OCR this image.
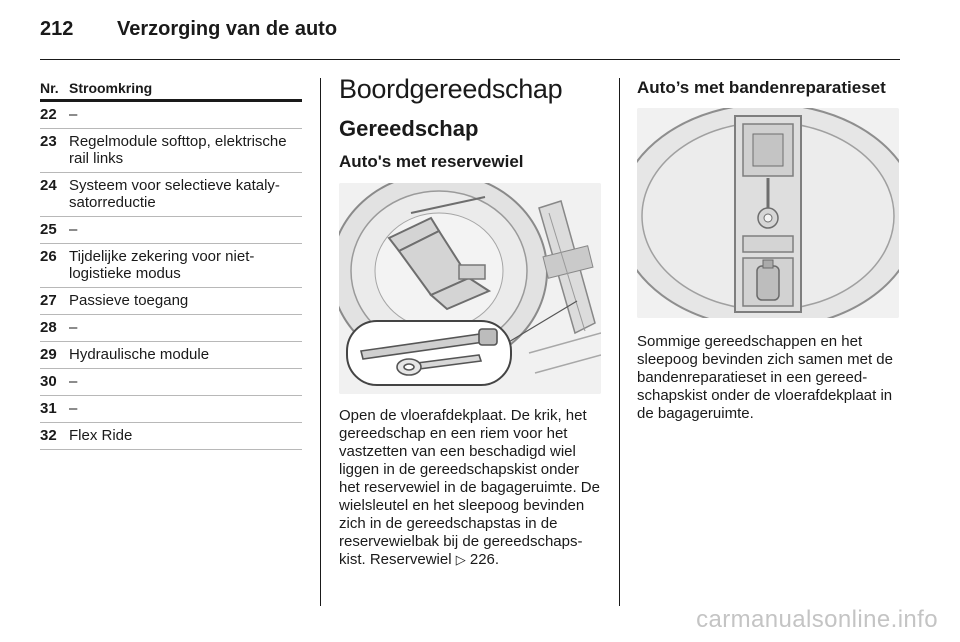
212 Verzorging van de auto
Nr. Stroomkring
22 –
23 Regelmodule softtop, elektrische rail links
24 Systeem voor selectieve katalysatorreductie
25 –
26 Tijdelijke zekering voor niet-logistieke modus
27 Passieve toegang
28 –
29 Hydraulische module
30 –
31 –
32 Flex Ride
Boordgereedschap
Gereedschap
Auto's met reservewiel
Open de vloerafdekplaat. De krik, het gereedschap en een riem voor het vastzetten van een beschadigd wiel liggen in de gereedschapskist onder het reservewiel in de bagageruimte. De wielsleutel en het sleepoog bevinden zich in de gereedschapstas in de reservewielbak bij de gereedschapskist. Reservewiel ▷ 226.
Auto’s met bandenreparatieset
Sommige gereedschappen en het sleepoog bevinden zich samen met de bandenreparatieset in een gereedschapskist onder de vloerafdekplaat in de bagageruimte.
carmanualsonline.info
